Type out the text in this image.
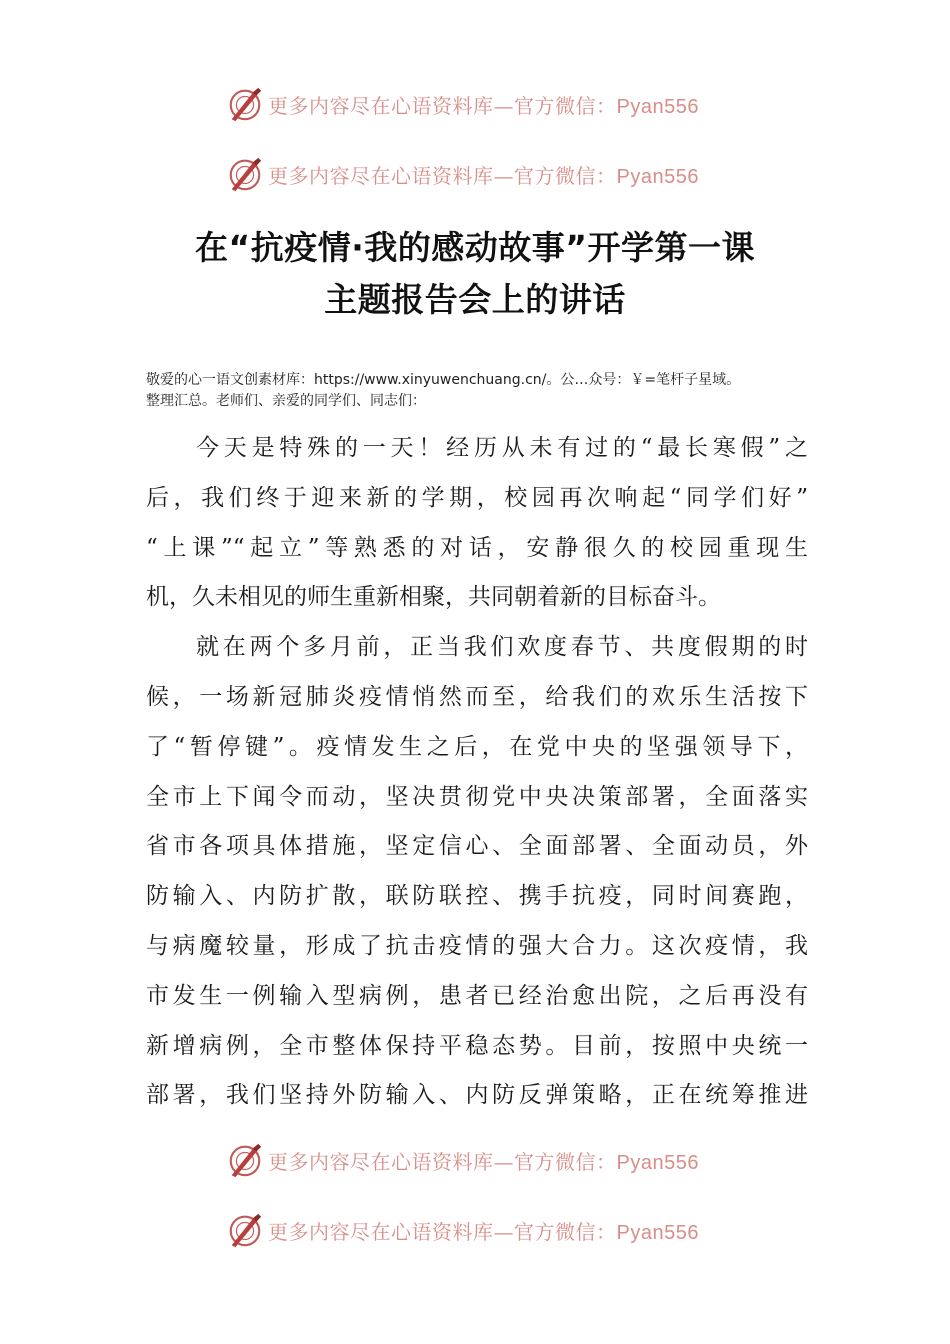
更多内容尽在心语资料库—官方微信：Pyan556
更多内容尽在心语资料库—官方微信：Pyan556
在“抗疫情·我的感动故事”开学第一课
主题报告会上的讲话
敬爱的心一语文创素材库：https://www.xinyuwenchuang.cn/。公…众号：￥=笔杆子星域。
整理汇总。老师们、亲爱的同学们、同志们：
今天是特殊的一天！经历从未有过的“最长寒假”之
后，我们终于迎来新的学期，校园再次响起“同学们好”
“上课”“起立”等熟悉的对话，安静很久的校园重现生
机，久未相见的师生重新相聚，共同朝着新的目标奋斗。
就在两个多月前，正当我们欢度春节、共度假期的时
候，一场新冠肺炎疫情悄然而至，给我们的欢乐生活按下
了“暂停键”。疫情发生之后，在党中央的坚强领导下，
全市上下闻令而动，坚决贯彻党中央决策部署，全面落实
省市各项具体措施，坚定信心、全面部署、全面动员，外
防输入、内防扩散，联防联控、携手抗疫，同时间赛跑，
与病魔较量，形成了抗击疫情的强大合力。这次疫情，我
市发生一例输入型病例，患者已经治愈出院，之后再没有
新增病例，全市整体保持平稳态势。目前，按照中央统一
部署，我们坚持外防输入、内防反弹策略，正在统筹推进
更多内容尽在心语资料库—官方微信：Pyan556
更多内容尽在心语资料库—官方微信：Pyan556
